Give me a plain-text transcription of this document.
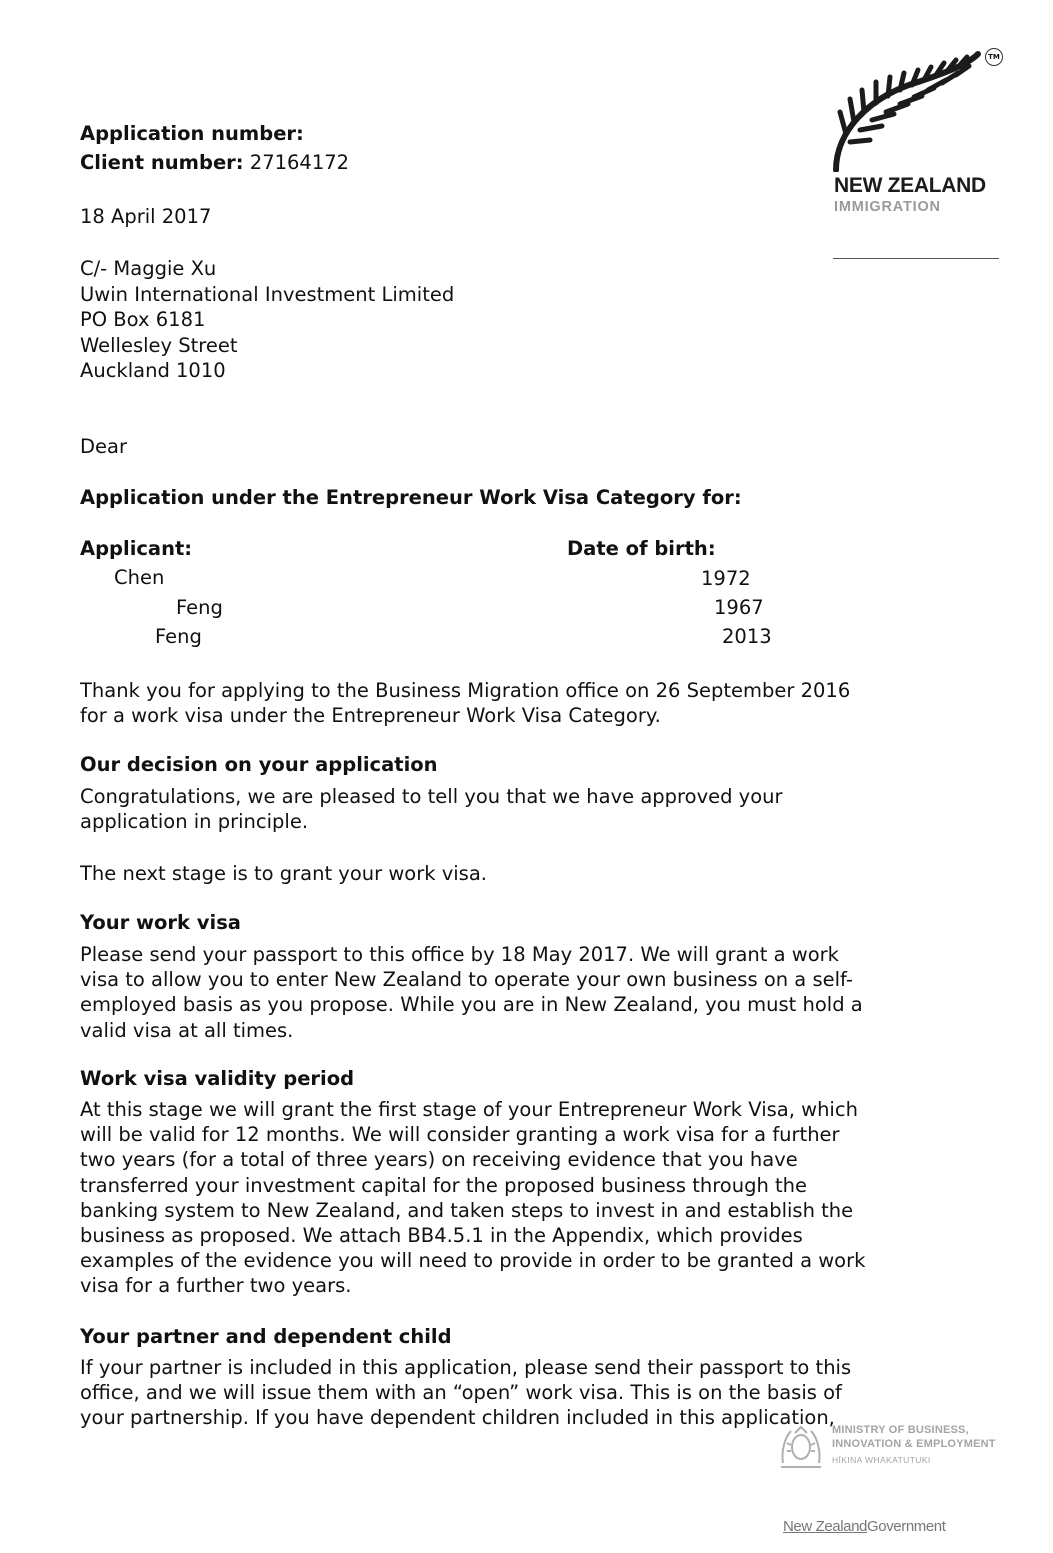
TM
NEW ZEALAND
IMMIGRATION
Application number:
Client number: 27164172
18 April 2017
C/- Maggie Xu
Uwin International Investment Limited
PO Box 6181
Wellesley Street
Auckland 1010
Dear
Application under the Entrepreneur Work Visa Category for:
Applicant:	Date of birth:
Chen	1972
Feng	1967
Feng	2013
Thank you for applying to the Business Migration office on 26 September 2016
for a work visa under the Entrepreneur Work Visa Category.
Our decision on your application
Congratulations, we are pleased to tell you that we have approved your
application in principle.
The next stage is to grant your work visa.
Your work visa
Please send your passport to this office by 18 May 2017. We will grant a work
visa to allow you to enter New Zealand to operate your own business on a self-
employed basis as you propose. While you are in New Zealand, you must hold a
valid visa at all times.
Work visa validity period
At this stage we will grant the first stage of your Entrepreneur Work Visa, which
will be valid for 12 months. We will consider granting a work visa for a further
two years (for a total of three years) on receiving evidence that you have
transferred your investment capital for the proposed business through the
banking system to New Zealand, and taken steps to invest in and establish the
business as proposed. We attach BB4.5.1 in the Appendix, which provides
examples of the evidence you will need to provide in order to be granted a work
visa for a further two years.
Your partner and dependent child
If your partner is included in this application, please send their passport to this
office, and we will issue them with an “open” work visa. This is on the basis of
your partnership. If you have dependent children included in this application,
MINISTRY OF BUSINESS,
INNOVATION & EMPLOYMENT
HĪKINA WHAKATUTUKI
New ZealandGovernment
